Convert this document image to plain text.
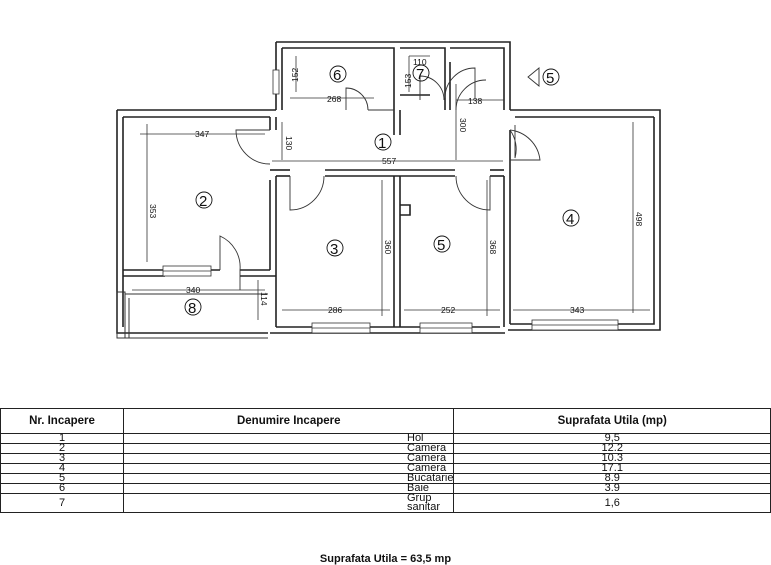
152
268
110
153
138
300
347
130
557
353
360	368
498
340
114
286	252	343
1
2
3
4
5
6	7
8
5
Nr. Incapere	Denumire Incapere	Suprafata Utila (mp)
1	Hol	9,5
2	Camera	12.2
3	Camera	10.3
4	Camera	17.1
5	Bucatarie	8.9
6	Baie	3.9
7	Grup sanitar	1,6
Suprafata Utila = 63,5 mp
